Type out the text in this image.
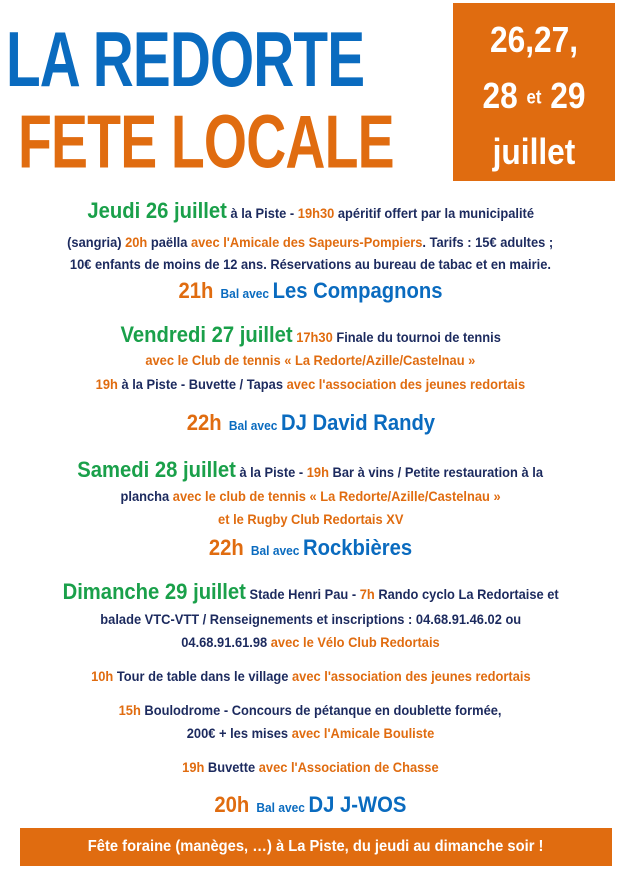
LA REDORTE
FETE LOCALE
26,27,
28 et 29
juillet
Jeudi 26 juillet à la Piste - 19h30 apéritif offert par la municipalité
(sangria) 20h paëlla avec l'Amicale des Sapeurs-Pompiers. Tarifs : 15€ adultes ;
10€ enfants de moins de 12 ans. Réservations au bureau de tabac et en mairie.
21h Bal avec Les Compagnons
Vendredi 27 juillet 17h30 Finale du tournoi de tennis
avec le Club de tennis « La Redorte/Azille/Castelnau »
19h à la Piste - Buvette / Tapas avec l'association des jeunes redortais
22h Bal avec DJ David Randy
Samedi 28 juillet à la Piste - 19h Bar à vins / Petite restauration à la
plancha avec le club de tennis « La Redorte/Azille/Castelnau »
et le Rugby Club Redortais XV
22h Bal avec Rockbières
Dimanche 29 juillet Stade Henri Pau - 7h Rando cyclo La Redortaise et
balade VTC-VTT / Renseignements et inscriptions : 04.68.91.46.02 ou
04.68.91.61.98 avec le Vélo Club Redortais
10h Tour de table dans le village avec l'association des jeunes redortais
15h Boulodrome - Concours de pétanque en doublette formée,
200€ + les mises avec l'Amicale Bouliste
19h Buvette avec l'Association de Chasse
20h Bal avec DJ J-WOS
Fête foraine (manèges, …) à La Piste, du jeudi au dimanche soir !
